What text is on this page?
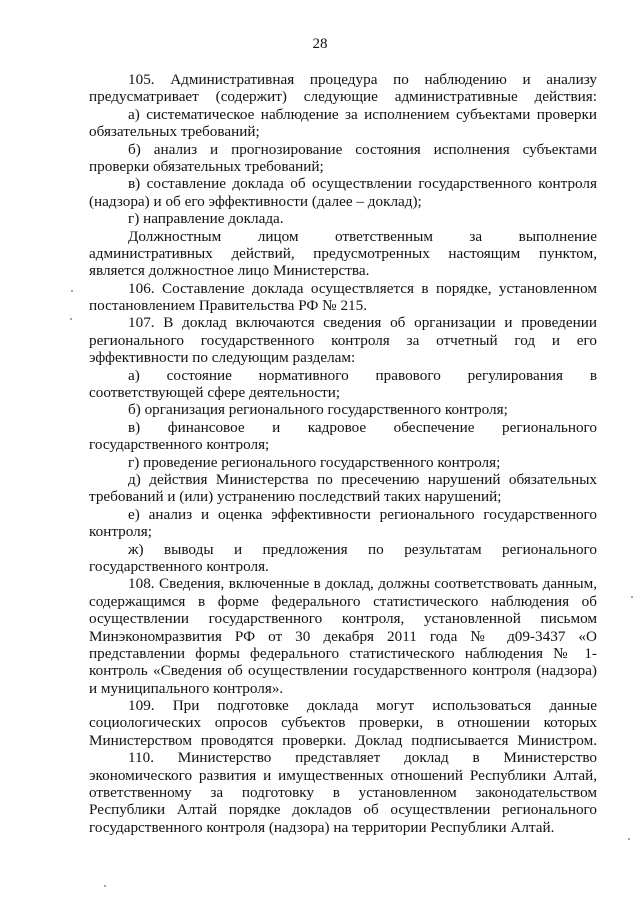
28
105. Административная процедура по наблюдению и анализу
предусматривает (содержит) следующие административные действия:
а) систематическое наблюдение за исполнением субъектами проверки
обязательных требований;
б) анализ и прогнозирование состояния исполнения субъектами
проверки обязательных требований;
в) составление доклада об осуществлении государственного контроля
(надзора) и об его эффективности (далее – доклад);
г) направление доклада.
Должностным лицом ответственным за выполнение
административных действий, предусмотренных настоящим пунктом,
является должностное лицо Министерства.
106. Составление доклада осуществляется в порядке, установленном
постановлением Правительства РФ № 215.
107. В доклад включаются сведения об организации и проведении
регионального государственного контроля за отчетный год и его
эффективности по следующим разделам:
а) состояние нормативного правового регулирования в
соответствующей сфере деятельности;
б) организация регионального государственного контроля;
в) финансовое и кадровое обеспечение регионального
государственного контроля;
г) проведение регионального государственного контроля;
д) действия Министерства по пресечению нарушений обязательных
требований и (или) устранению последствий таких нарушений;
е) анализ и оценка эффективности регионального государственного
контроля;
ж) выводы и предложения по результатам регионального
государственного контроля.
108. Сведения, включенные в доклад, должны соответствовать данным,
содержащимся в форме федерального статистического наблюдения об
осуществлении государственного контроля, установленной письмом
Минэкономразвития РФ от 30 декабря 2011 года № д09-3437 «О
представлении формы федерального статистического наблюдения № 1-
контроль «Сведения об осуществлении государственного контроля (надзора)
и муниципального контроля».
109. При подготовке доклада могут использоваться данные
социологических опросов субъектов проверки, в отношении которых
Министерством проводятся проверки. Доклад подписывается Министром.
110. Министерство представляет доклад в Министерство
экономического развития и имущественных отношений Республики Алтай,
ответственному за подготовку в установленном законодательством
Республики Алтай порядке докладов об осуществлении регионального
государственного контроля (надзора) на территории Республики Алтай.
